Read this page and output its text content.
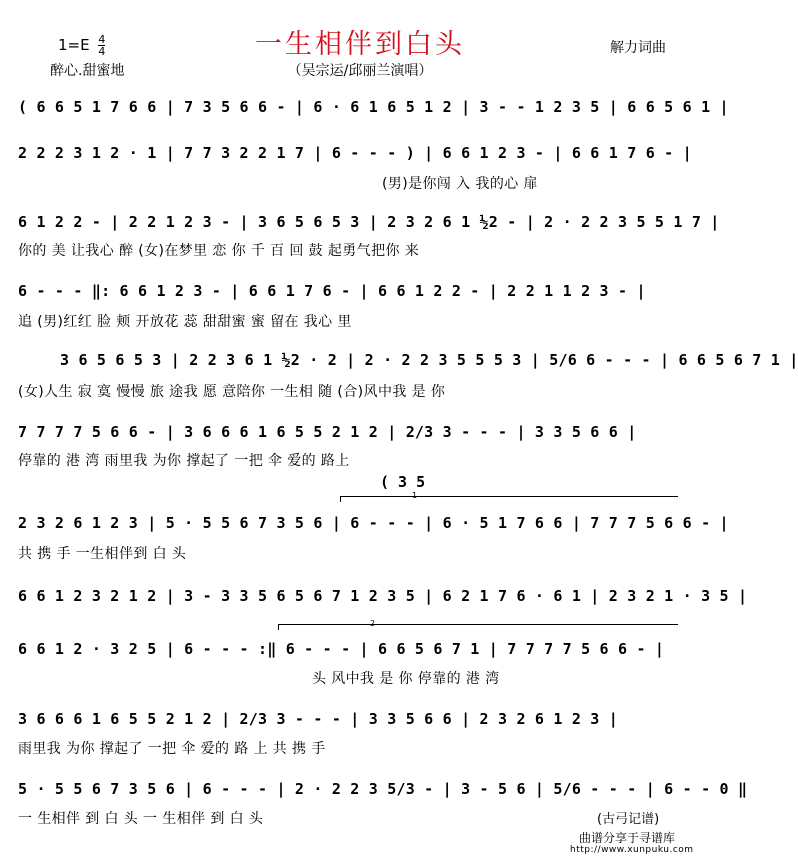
$1=E \frac{4}{4}$
醉心.甜蜜地
一生相伴到白头
（吴宗运/邱丽兰演唱）
解力词曲
( 6 6 5 1 7 6 6 | 7 3 5 6 6 - | 6 · 6 1 6 5 1 2 | 3 - - 1 2 3 5 | 6 6 5 6 1 |
2 2 2 3 1 2 · 1 | 7 7 3 2 2 1 7 | 6 - - - ) | 6 6 1 2 3 - | 6 6 1 7 6 - |
(男)是你闯 入 我的心 扉
6 1 2 2 - | 2 2 1 2 3 - | 3 6 5 6 5 3 | 2 3 2 6 1 ½2 - | 2 · 2 2 3 5 5 1 7 |
你的 美 让我心 醉 (女)在梦里 恋 你 千 百 回 鼓 起勇气把你 来
6 - - - ‖: 6 6 1 2 3 - | 6 6 1 7 6 - | 6 6 1 2 2 - | 2 2 1 1 2 3 - |
追 (男)红红 脸 颊 开放花 蕊 甜甜蜜 蜜 留在 我心 里
3 6 5 6 5 3 | 2 2 3 6 1 ½2 · 2 | 2 · 2 2 3 5 5 5 3 | 5/6 6 - - - | 6 6 5 6 7 1 |
(女)人生 寂 寞 慢慢 旅 途我 愿 意陪你 一生相 随 (合)风中我 是 你
7 7 7 7 5 6 6 - | 3 6 6 6 1 6 5 5 2 1 2 | 2/3 3 - - - | 3 3 5 6 6 |
停靠的 港 湾 雨里我 为你 撑起了 一把 伞 爱的 路上
( 3 5
1
2 3 2 6 1 2 3 | 5 · 5 5 6 7 3 5 6 | 6 - - - | 6 · 5 1 7 6 6 | 7 7 7 5 6 6 - |
共 携 手 一生相伴到 白 头
6 6 1 2 3 2 1 2 | 3 - 3 3 5 6 5 6 7 1 2 3 5 | 6 2 1 7 6 · 6 1 | 2 3 2 1 · 3 5 |
2
6 6 1 2 · 3 2 5 | 6 - - - :‖ 6 - - - | 6 6 5 6 7 1 | 7 7 7 7 5 6 6 - |
头 风中我 是 你 停靠的 港 湾
3 6 6 6 1 6 5 5 2 1 2 | 2/3 3 - - - | 3 3 5 6 6 | 2 3 2 6 1 2 3 |
雨里我 为你 撑起了 一把 伞 爱的 路 上 共 携 手
5 · 5 5 6 7 3 5 6 | 6 - - - | 2 · 2 2 3 5/3 - | 3 - 5 6 | 5/6 - - - | 6 - - 0 ‖
一 生相伴 到 白 头 一 生相伴 到 白 头	(古弓记谱)
曲谱分享于寻谱库
http://www.xunpuku.com
